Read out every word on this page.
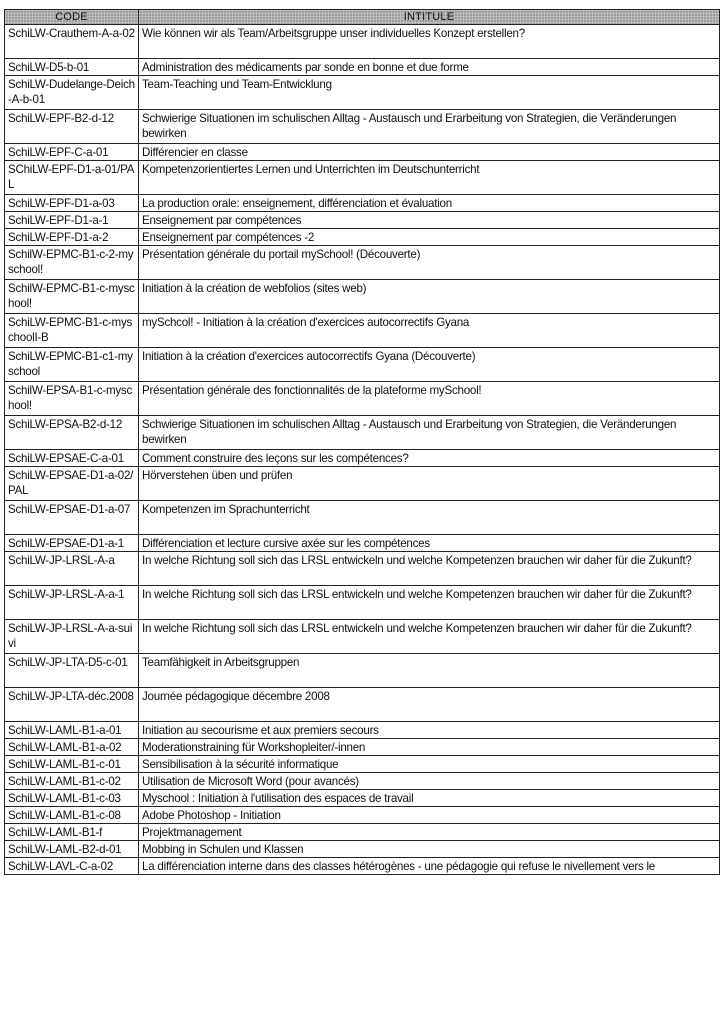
CODE	INTITULE
SchiLW-Crauthem-A-a-02	Wie können wir als Team/Arbeitsgruppe unser individuelles Konzept erstellen?
SchiLW-D5-b-01	Administration des médicaments par sonde en bonne et due forme
SchiLW-Dudelange-Deich-A-b-01	Team-Teaching und Team-Entwicklung
SchiLW-EPF-B2-d-12	Schwierige Situationen im schulischen Alltag - Austausch und Erarbeitung von Strategien, die Veränderungen bewirken
SchiLW-EPF-C-a-01	Différencier en classe
SChiLW-EPF-D1-a-01/PAL	Kompetenzorientiertes Lernen und Unterrichten im Deutschunterricht
SchiLW-EPF-D1-a-03	La production orale: enseignement, différenciation et évaluation
SchiLW-EPF-D1-a-1	Enseignement par compétences
SchiLW-EPF-D1-a-2	Enseignement par compétences -2
SchilW-EPMC-B1-c-2-myschool!	Présentation générale du portail mySchool! (Découverte)
SchilW-EPMC-B1-c-myschool!	Initiation à la création de webfolios (sites web)
SchiLW-EPMC-B1-c-myschoolI-B	mySchcol! - Initiation à la création d'exercices autocorrectifs Gyana
SchiLW-EPMC-B1-c1-myschool	Initiation à la création d'exercices autocorrectifs Gyana (Découverte)
SchilW-EPSA-B1-c-myschool!	Présentation générale des fonctionnalités de la plateforme mySchool!
SchiLW-EPSA-B2-d-12	Schwierige Situationen im schulischen Alltag - Austausch und Erarbeitung von Strategien, die Veränderungen bewirken
SchiLW-EPSAE-C-a-01	Comment construire des leçons sur les compétences?
SchiLW-EPSAE-D1-a-02/PAL	Hörverstehen üben und prüfen
SchiLW-EPSAE-D1-a-07	Kompetenzen im Sprachunterricht
SchiLW-EPSAE-D1-a-1	Différenciation et lecture cursive axée sur les compétences
SchiLW-JP-LRSL-A-a	In welche Richtung soll sich das LRSL entwickeln und welche Kompetenzen brauchen wir daher für die Zukunft?
SchiLW-JP-LRSL-A-a-1	In welche Richtung soll sich das LRSL entwickeln und welche Kompetenzen brauchen wir daher für die Zukunft?
SchiLW-JP-LRSL-A-a-suivi	In welche Richtung soll sich das LRSL entwickeln und welche Kompetenzen brauchen wir daher für die Zukunft?
SchiLW-JP-LTA-D5-c-01	Teamfähigkeit in Arbeitsgruppen
SchiLW-JP-LTA-déc.2008	Journée pédagogique décembre 2008
SchiLW-LAML-B1-a-01	Initiation au secourisme et aux premiers secours
SchiLW-LAML-B1-a-02	Moderationstraining für Workshopleiter/-innen
SchiLW-LAML-B1-c-01	Sensibilisation à la sécurité informatique
SchiLW-LAML-B1-c-02	Utilisation de Microsoft Word (pour avancés)
SchiLW-LAML-B1-c-03	Myschool : Initiation à l'utilisation des espaces de travail
SchiLW-LAML-B1-c-08	Adobe Photoshop - Initiation
SchiLW-LAML-B1-f	Projektmanagement
SchiLW-LAML-B2-d-01	Mobbing in Schulen und Klassen
SchiLW-LAVL-C-a-02	La différenciation interne dans des classes hétérogènes - une pédagogie qui refuse le nivellement vers le
